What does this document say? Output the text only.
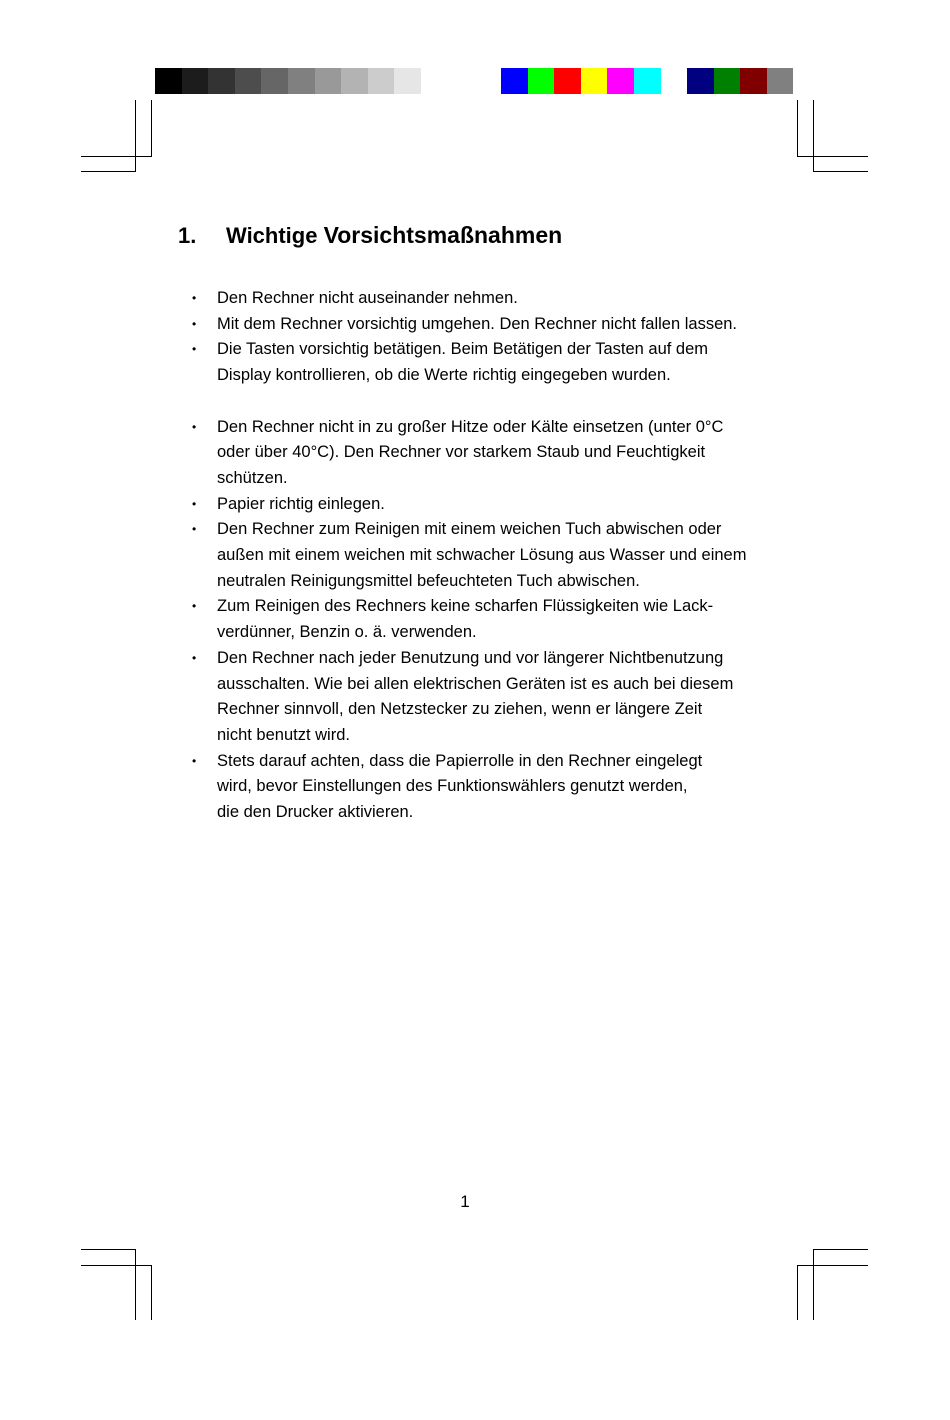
1. Wichtige Vorsichtsmaßnahmen
• Den Rechner nicht auseinander nehmen.
• Mit dem Rechner vorsichtig umgehen. Den Rechner nicht fallen lassen.
• Die Tasten vorsichtig betätigen. Beim Betätigen der Tasten auf dem
Display kontrollieren, ob die Werte richtig eingegeben wurden.
• Den Rechner nicht in zu großer Hitze oder Kälte einsetzen (unter 0°C
oder über 40°C). Den Rechner vor starkem Staub und Feuchtigkeit
schützen.
• Papier richtig einlegen.
• Den Rechner zum Reinigen mit einem weichen Tuch abwischen oder
außen mit einem weichen mit schwacher Lösung aus Wasser und einem
neutralen Reinigungsmittel befeuchteten Tuch abwischen.
• Zum Reinigen des Rechners keine scharfen Flüssigkeiten wie Lack-
verdünner, Benzin o. ä. verwenden.
• Den Rechner nach jeder Benutzung und vor längerer Nichtbenutzung
ausschalten. Wie bei allen elektrischen Geräten ist es auch bei diesem
Rechner sinnvoll, den Netzstecker zu ziehen, wenn er längere Zeit
nicht benutzt wird.
• Stets darauf achten, dass die Papierrolle in den Rechner eingelegt
wird, bevor Einstellungen des Funktionswählers genutzt werden,
die den Drucker aktivieren.
1
